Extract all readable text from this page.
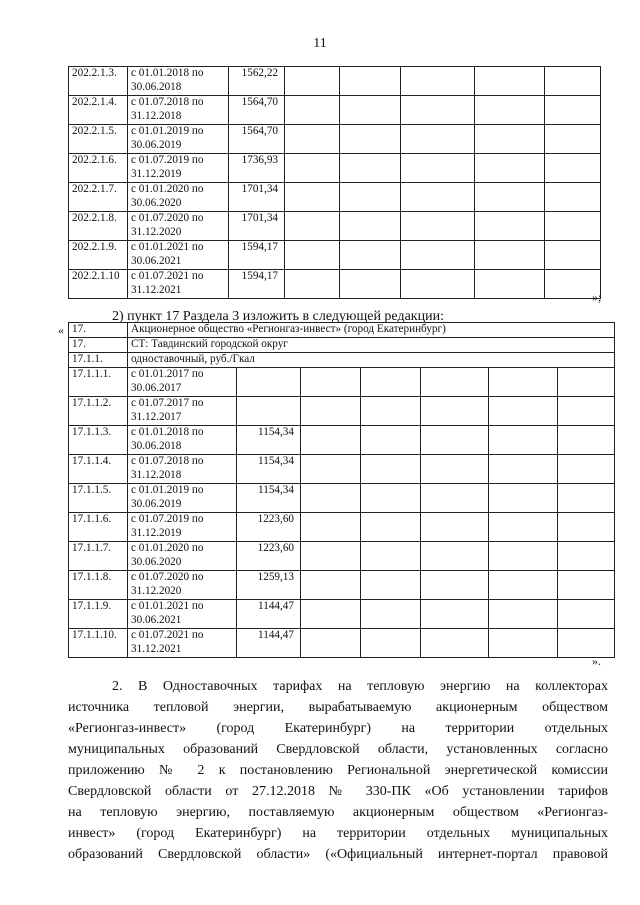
11
202.2.1.3.	с 01.01.2018 по
30.06.2018	1562,22					
202.2.1.4.	с 01.07.2018 по
31.12.2018	1564,70					
202.2.1.5.	с 01.01.2019 по
30.06.2019	1564,70					
202.2.1.6.	с 01.07.2019 по
31.12.2019	1736,93					
202.2.1.7.	с 01.01.2020 по
30.06.2020	1701,34					
202.2.1.8.	с 01.07.2020 по
31.12.2020	1701,34					
202.2.1.9.	с 01.01.2021 по
30.06.2021	1594,17					
202.2.1.10	с 01.07.2021 по
31.12.2021	1594,17					
»;
2) пункт 17 Раздела 3 изложить в следующей редакции:
« 17.	Акционерное общество «Регионгаз-инвест» (город Екатеринбург)						
17.	СТ: Тавдинский городской округ						
17.1.1.	одноставочный, руб./Гкал						
17.1.1.1.	с 01.01.2017 по
30.06.2017						

17.1.1.2.	с 01.07.2017 по
31.12.2017						

17.1.1.3.	с 01.01.2018 по
30.06.2018	1154,34					
17.1.1.4.	с 01.07.2018 по
31.12.2018	1154,34					
17.1.1.5.	с 01.01.2019 по
30.06.2019	1154,34					
17.1.1.6.	с 01.07.2019 по
31.12.2019	1223,60					
17.1.1.7.	с 01.01.2020 по
30.06.2020	1223,60					
17.1.1.8.	с 01.07.2020 по
31.12.2020	1259,13					
17.1.1.9.	с 01.01.2021 по
30.06.2021	1144,47					
17.1.1.10.	с 01.07.2021 по
31.12.2021	1144,47					
».
2. В Одноставочных тарифах на тепловую энергию на коллекторах
источника тепловой энергии, вырабатываемую акционерным обществом
«Регионгаз-инвест» (город Екатеринбург) на территории отдельных
муниципальных образований Свердловской области, установленных согласно
приложению № 2 к постановлению Региональной энергетической комиссии
Свердловской области от 27.12.2018 № 330-ПК «Об установлении тарифов
на тепловую энергию, поставляемую акционерным обществом «Регионгаз-
инвест» (город Екатеринбург) на территории отдельных муниципальных
образований Свердловской области» («Официальный интернет-портал правовой
